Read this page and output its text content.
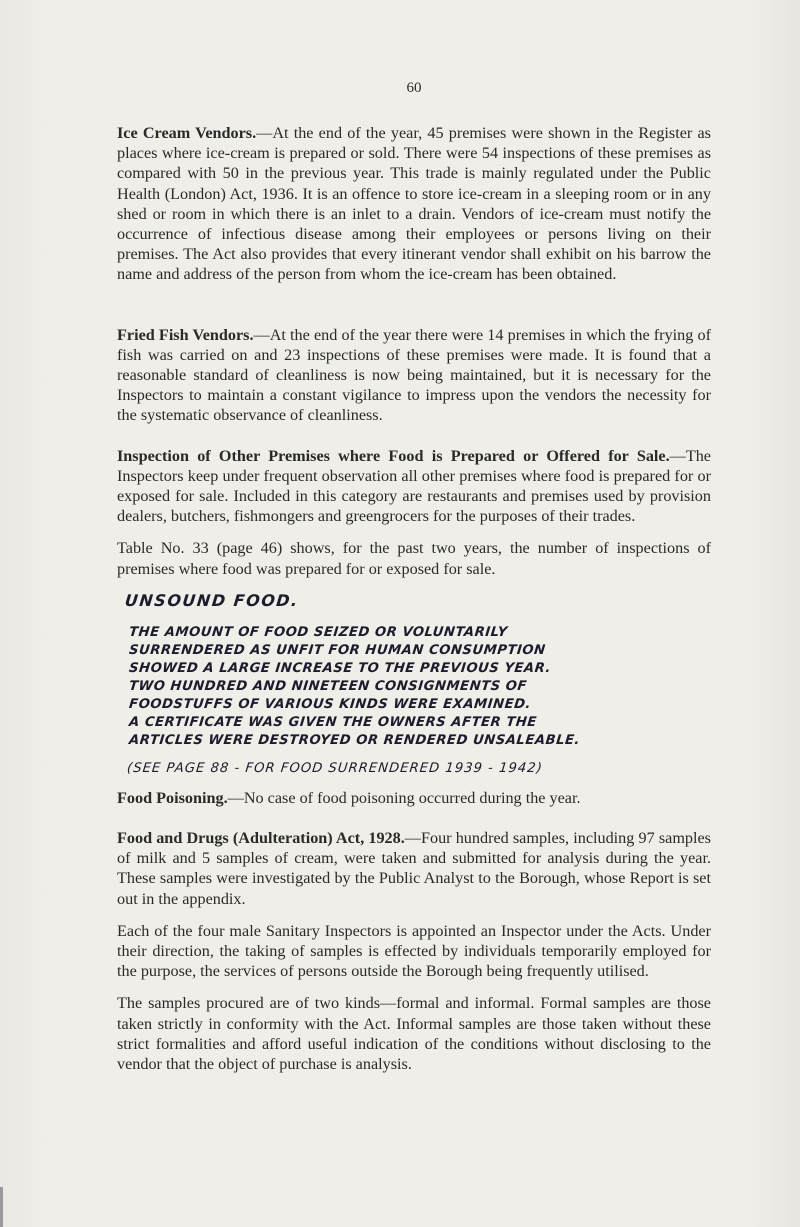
60

Ice Cream Vendors.—At the end of the year, 45 premises were shown in the Register as places where ice-cream is prepared or sold. There were 54 inspections of these premises as compared with 50 in the previous year. This trade is mainly regulated under the Public Health (London) Act, 1936. It is an offence to store ice-cream in a sleeping room or in any shed or room in which there is an inlet to a drain. Vendors of ice-cream must notify the occurrence of infectious disease among their employees or persons living on their premises. The Act also provides that every itinerant vendor shall exhibit on his barrow the name and address of the person from whom the ice-cream has been obtained.

Fried Fish Vendors.—At the end of the year there were 14 premises in which the frying of fish was carried on and 23 inspections of these premises were made. It is found that a reasonable standard of cleanliness is now being maintained, but it is necessary for the Inspectors to maintain a constant vigilance to impress upon the vendors the necessity for the systematic observance of cleanliness.

Inspection of Other Premises where Food is Prepared or Offered for Sale.—The Inspectors keep under frequent observation all other premises where food is prepared for or exposed for sale. Included in this category are restaurants and premises used by provision dealers, butchers, fishmongers and greengrocers for the purposes of their trades.

Table No. 33 (page 46) shows, for the past two years, the number of inspections of premises where food was prepared for or exposed for sale.

UNSOUND FOOD.
THE AMOUNT OF FOOD SEIZED OR VOLUNTARILY
SURRENDERED AS UNFIT FOR HUMAN CONSUMPTION
SHOWED A LARGE INCREASE TO THE PREVIOUS YEAR.
TWO HUNDRED AND NINETEEN CONSIGNMENTS OF
FOODSTUFFS OF VARIOUS KINDS WERE EXAMINED.
A CERTIFICATE WAS GIVEN THE OWNERS AFTER THE
ARTICLES WERE DESTROYED OR RENDERED UNSALEABLE.
(SEE PAGE 88 - FOR FOOD SURRENDERED 1939 - 1942)

Food Poisoning.—No case of food poisoning occurred during the year.

Food and Drugs (Adulteration) Act, 1928.—Four hundred samples, including 97 samples of milk and 5 samples of cream, were taken and submitted for analysis during the year. These samples were investigated by the Public Analyst to the Borough, whose Report is set out in the appendix.

Each of the four male Sanitary Inspectors is appointed an Inspector under the Acts. Under their direction, the taking of samples is effected by individuals temporarily employed for the purpose, the services of persons outside the Borough being frequently utilised.

The samples procured are of two kinds—formal and informal. Formal samples are those taken strictly in conformity with the Act. Informal samples are those taken without these strict formalities and afford useful indication of the conditions without disclosing to the vendor that the object of purchase is analysis.
